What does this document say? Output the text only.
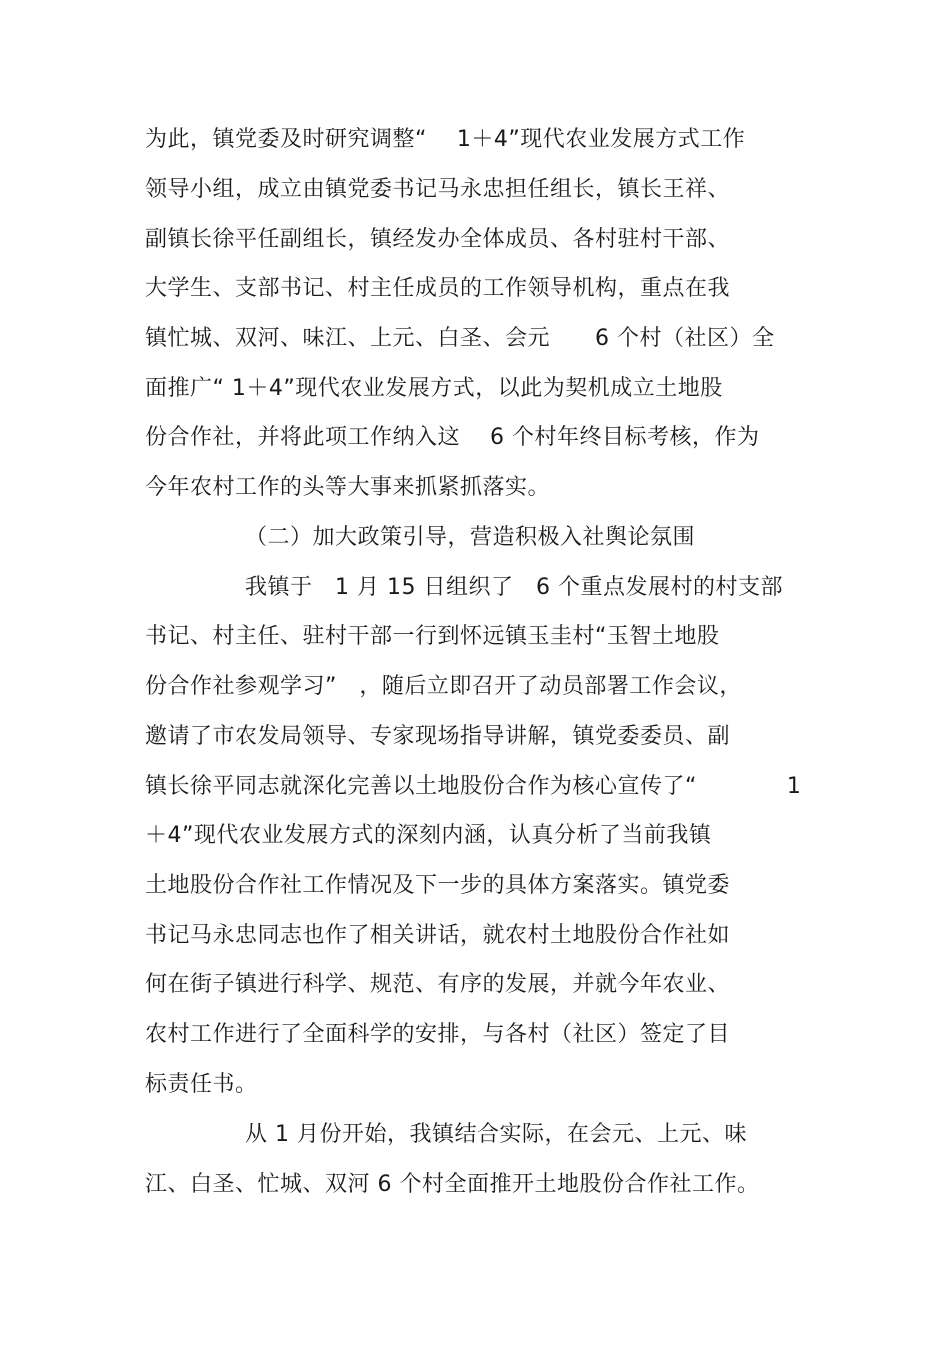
为此，镇党委及时研究调整“　 1＋4”现代农业发展方式工作
领导小组，成立由镇党委书记马永忠担任组长，镇长王祥、
副镇长徐平任副组长，镇经发办全体成员、各村驻村干部、
大学生、支部书记、村主任成员的工作领导机构，重点在我
镇忙城、双河、味江、上元、白圣、会元　　6 个村（社区）全
面推广“ 1＋4”现代农业发展方式，以此为契机成立土地股
份合作社，并将此项工作纳入这　 6 个村年终目标考核，作为
今年农村工作的头等大事来抓紧抓落实。
（二）加大政策引导，营造积极入社舆论氛围
我镇于　1 月 15 日组织了　6 个重点发展村的村支部
书记、村主任、驻村干部一行到怀远镇玉圭村“玉智土地股
份合作社参观学习”　，随后立即召开了动员部署工作会议，
邀请了市农发局领导、专家现场指导讲解，镇党委委员、副
镇长徐平同志就深化完善以土地股份合作为核心宣传了“　　　　1
＋4”现代农业发展方式的深刻内涵，认真分析了当前我镇
土地股份合作社工作情况及下一步的具体方案落实。镇党委
书记马永忠同志也作了相关讲话，就农村土地股份合作社如
何在街子镇进行科学、规范、有序的发展，并就今年农业、
农村工作进行了全面科学的安排，与各村（社区）签定了目
标责任书。
从 1 月份开始，我镇结合实际，在会元、上元、味
江、白圣、忙城、双河 6 个村全面推开土地股份合作社工作。
